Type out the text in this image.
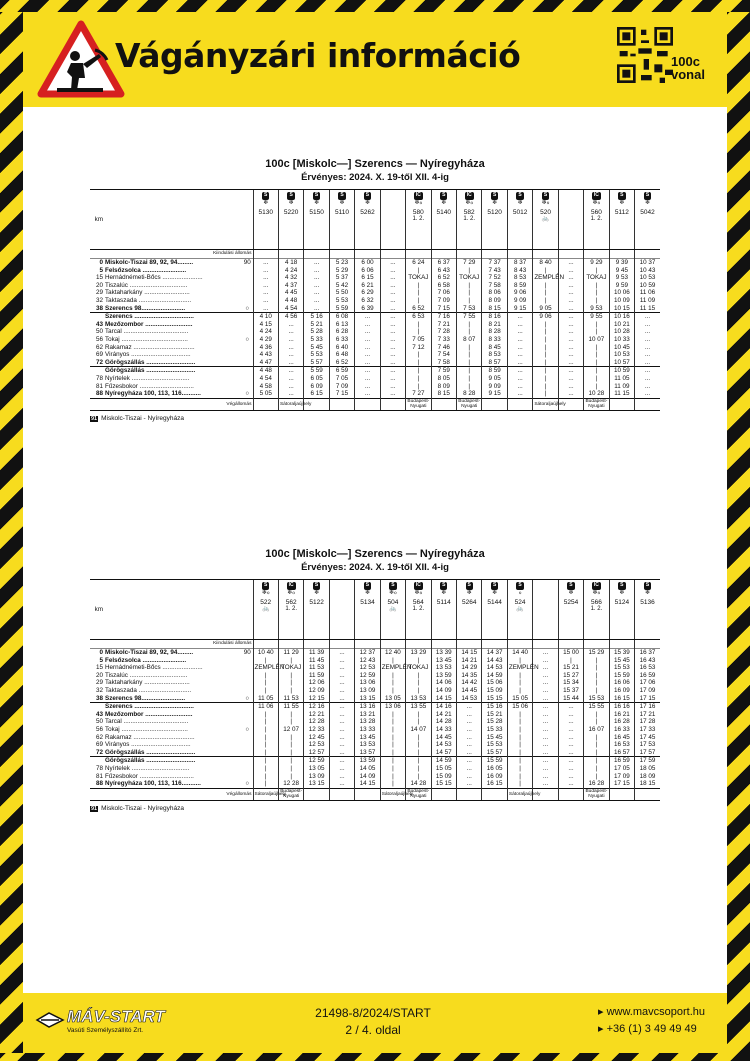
Vágányzári információ	100c
vonal
100c [Miskolc—] Szerencs — Nyíregyháza
Érvényes: 2024. X. 19-től XII. 4-ig
km			S
❄
5130	S
❄
5220	S
❄
5150	S
❄
5110	S
❄
5262		IC
❄ℴ
580
1. 2.	S
❄
5140	IC
❄ℴ
582
1. 2.	S
❄
5120	S
❄
5012	S
❄ℴ
520
🚲		IC
❄ℴ
560
1. 2.	S
❄
5112	S
❄
5042

Kiindulási állomás																		
0	Miskolc-Tiszai 89, 92, 94.........	90	...	4 18	...	5 23	6 00	...	6 24	6 37	7 29	7 37	8 37	8 40	...	9 29	9 39	10 37
5	Felsőzsolca .........................		...	4 24	...	5 29	6 06	...	|	6 43	|	7 43	8 43	|	...	|	9 45	10 43
15	Hernádnémeti-Bőcs .......................		...	4 32	...	5 37	6 15	...	TOKAJ	6 52	TOKAJ	7 52	8 53	ZEMPLÉN	...	TOKAJ	9 53	10 53
20	Tiszalúc .................................		...	4 37	...	5 42	6 21	...	|	6 58	|	7 58	8 59	|	...	|	9 59	10 59
29	Taktaharkány ..........................		...	4 45	...	5 50	6 29	...	|	7 06	|	8 06	9 06	|	...	|	10 06	11 06
32	Taktaszada ..............................		...	4 48	...	5 53	6 32	...	|	7 09	|	8 09	9 09	|	...	|	10 09	11 09
38	Szerencs 98.........................	○	...	4 54	...	5 59	6 39	...	6 52	7 15	7 53	8 15	9 15	9 05	...	9 53	10 15	11 15
	Szerencs ..................................		4 10	4 56	5 16	6 08	...	...	6 53	7 16	7 55	8 16	...	9 06	...	9 55	10 16	...
43	Mezőzombor ...........................		4 15	...	5 21	6 13	...	...	|	7 21	|	8 21	...	|	...	|	10 21	...
50	Tarcal .....................................		4 24	...	5 28	6 28	...	...	|	7 28	|	8 28	...	|	...	|	10 28	...
56	Tokaj ......................................	○	4 29	...	5 33	6 33	...	...	7 05	7 33	8 07	8 33	...	|	...	10 07	10 33	...
62	Rakamaz ...................................		4 36	...	5 45	6 40	...	...	7 12	7 46	|	8 45	...	|	...	|	10 45	...
69	Virányos ..................................		4 43	...	5 53	6 48	...	...	|	7 54	|	8 53	...	|	...	|	10 53	...
72	Görögszállás ............................		4 47	...	5 57	6 52	...	...	|	7 58	|	8 57	...	|	...	|	10 57	...
	Görögszállás ............................		4 48	...	5 59	6 59	...	...	|	7 59	|	8 59	...	|	...	|	10 59	...
78	Nyírtelek .................................		4 54	...	6 05	7 05	...	...	|	8 05	|	9 05	...	|	...	|	11 05	...
81	Fűzesbokor ...............................		4 58	...	6 09	7 09	...	...	|	8 09	|	9 09	...	|	...	|	11 09	...
88	Nyíregyháza 100, 113, 116...........	○	5 05	...	6 15	7 15	...	...	7 27	8 15	8 28	9 15	...	|	...	10 28	11 15	...
Végállomás				Sátoraljaújhely					Budapest-Nyugati		Budapest-Nyugati			Sátoraljaújhely		Budapest-Nyugati		
91 Miskolc-Tiszai - Nyíregyháza
100c [Miskolc—] Szerencs — Nyíregyháza
Érvényes: 2024. X. 19-től XII. 4-ig
km			S
❄ℴ
522
🚲	IC
❄ℴ
562
1. 2.	S
❄
5122		S
❄
5134	S
❄ℴ
504
🚲	IC
❄ℴ
564
1. 2.	S
❄
5114	S
❄
5264	S
❄
5144	S
ℴ
524
🚲		S
❄
5254	IC
❄ℴ
566
1. 2.	S
❄
5124	S
❄
5136

Kiindulási állomás																		
0	Miskolc-Tiszai 89, 92, 94.........	90	10 40	11 29	11 39	...	12 37	12 40	13 29	13 39	14 15	14 37	14 40	...	15 00	15 29	15 39	16 37
5	Felsőzsolca .........................		|	|	11 45	...	12 43	|	|	13 45	14 21	14 43	|	...	|	|	15 45	16 43
15	Hernádnémeti-Bőcs .......................		ZEMPLÉN	TOKAJ	11 53	...	12 53	ZEMPLÉN	TOKAJ	13 53	14 29	14 53	ZEMPLÉN	...	15 21	|	15 53	16 53
20	Tiszalúc .................................		|	|	11 59	...	12 59	|	|	13 59	14 35	14 59	|	...	15 27	|	15 59	16 59
29	Taktaharkány ..........................		|	|	12 06	...	13 06	|	|	14 06	14 42	15 06	|	...	15 34	|	16 06	17 06
32	Taktaszada ..............................		|	|	12 09	...	13 09	|	|	14 09	14 45	15 09	|	...	15 37	|	16 09	17 09
38	Szerencs 98.........................	○	11 05	11 53	12 15	...	13 15	13 05	13 53	14 15	14 53	15 15	15 05	...	15 44	15 53	16 15	17 15
	Szerencs ..................................		11 06	11 55	12 16	...	13 16	13 06	13 55	14 16	...	15 16	15 06	...	...	15 55	16 16	17 16
43	Mezőzombor ...........................		|	|	12 21	...	13 21	|	|	14 21	...	15 21	|	...	...	|	16 21	17 21
50	Tarcal .....................................		|	|	12 28	...	13 28	|	|	14 28	...	15 28	|	...	...	|	16 28	17 28
56	Tokaj ......................................	○	|	12 07	12 33	...	13 33	|	14 07	14 33	...	15 33	|	...	...	16 07	16 33	17 33
62	Rakamaz ...................................		|	|	12 45	...	13 45	|	|	14 45	...	15 45	|	...	...	|	16 45	17 45
69	Virányos ..................................		|	|	12 53	...	13 53	|	|	14 53	...	15 53	|	...	...	|	16 53	17 53
72	Görögszállás ............................		|	|	12 57	...	13 57	|	|	14 57	...	15 57	|	...	...	|	16 57	17 57
	Görögszállás ............................		|	|	12 59	...	13 59	|	|	14 59	...	15 59	|	...	...	|	16 59	17 59
78	Nyírtelek .................................		|	|	13 05	...	14 05	|	|	15 05	...	16 05	|	...	...	|	17 05	18 05
81	Fűzesbokor ...............................		|	|	13 09	...	14 09	|	|	15 09	...	16 09	|	...	...	|	17 09	18 09
88	Nyíregyháza 100, 113, 116...........	○	|	12 28	13 15	...	14 15	|	14 28	15 15	...	16 15	|	...	...	16 28	17 15	18 15
Végállomás			Sátoraljaújhely	Budapest-Nyugati				Sátoraljaújhely	Budapest-Nyugati				Sátoraljaújhely			Budapest-Nyugati		
91 Miskolc-Tiszai - Nyíregyháza
MÁV-START
Vasúti Személyszállító Zrt.
21498-8/2024/START
2 / 4. oldal
▸ www.mavcsoport.hu
▸ +36 (1) 3 49 49 49
